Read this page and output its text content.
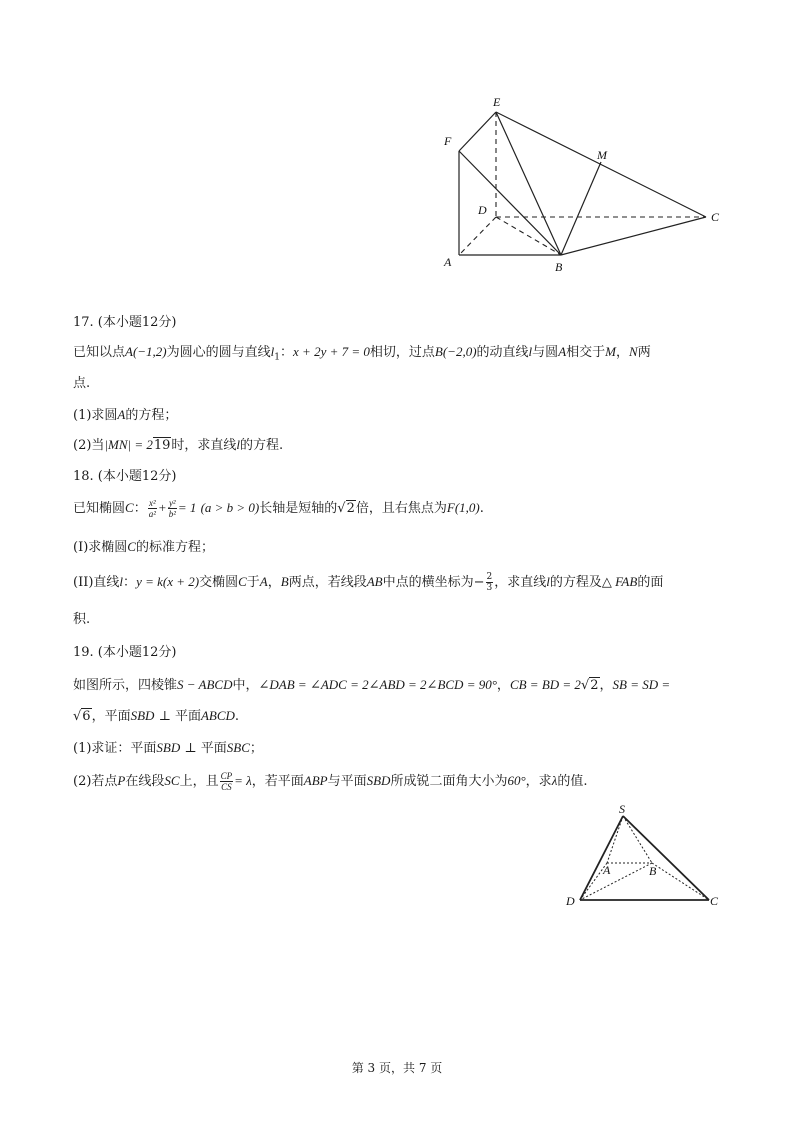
E
F
M
D	C
A	B
17. (本小题12分)
已知以点A(−1,2)为圆心的圆与直线$l_1$：x + 2y + 7 = 0相切，过点B(−2,0)的动直线l与圆A相交于M，N两
点.
(1)求圆A的方程；
(2)当|MN| = 219时，求直线l的方程.
18. (本小题12分)
已知椭圆C： $\frac{\text{x²}}{\text{a²}} + \frac{\text{y²}}{\text{b²}} = 1$ (a > b > 0)长轴是短轴的√2倍，且右焦点为F(1,0).
(I)求椭圆C的标准方程；
(II)直线l：y = k(x + 2)交椭圆C于A，B两点，若线段AB中点的横坐标为− $\frac{2}{3}$ ，求直线l的方程及△ FAB的面
积.
19. (本小题12分)
如图所示，四棱锥S − ABCD中，∠DAB = ∠ADC = 2∠ABD = 2∠BCD = 90°，CB = BD = 2√2，SB = SD =
√6，平面SBD ⊥ 平面ABCD.
(1)求证：平面SBD ⊥ 平面SBC；
(2)若点P在线段SC上，且 $\frac{CP}{CS} = \lambda$，若平面ABP与平面SBD所成锐二面角大小为60°，求λ的值.
S
A	B
D	C
第 3 页，共 7 页
